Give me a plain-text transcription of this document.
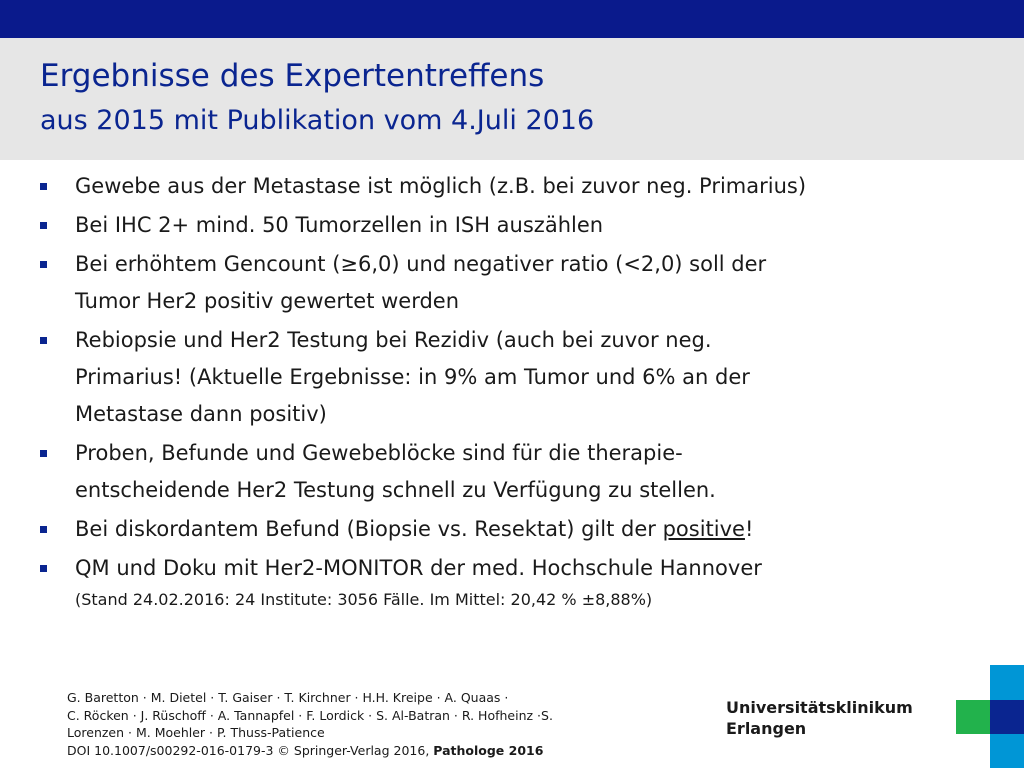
Ergebnisse des Expertentreffens
aus 2015 mit Publikation vom 4.Juli 2016
Gewebe aus der Metastase ist möglich (z.B. bei zuvor neg. Primarius)
Bei IHC 2+ mind. 50 Tumorzellen in ISH auszählen
Bei erhöhtem Gencount (≥6,0) und negativer ratio (<2,0) soll der
Tumor Her2 positiv gewertet werden
Rebiopsie und Her2 Testung bei Rezidiv (auch bei zuvor neg.
Primarius! (Aktuelle Ergebnisse: in 9% am Tumor und 6% an der
Metastase dann positiv)
Proben, Befunde und Gewebeblöcke sind für die therapie-
entscheidende Her2 Testung schnell zu Verfügung zu stellen.
Bei diskordantem Befund (Biopsie vs. Resektat) gilt der positive!
QM und Doku mit Her2-MONITOR der med. Hochschule Hannover
(Stand 24.02.2016: 24 Institute: 3056 Fälle. Im Mittel: 20,42 % ±8,88%)
G. Baretton · M. Dietel · T. Gaiser · T. Kirchner · H.H. Kreipe · A. Quaas ·
C. Röcken · J. Rüschoff · A. Tannapfel · F. Lordick · S. Al-Batran · R. Hofheinz ·S.
Lorenzen · M. Moehler · P. Thuss-Patience
DOI 10.1007/s00292-016-0179-3 © Springer-Verlag 2016, Pathologe 2016
Universitätsklinikum
Erlangen
